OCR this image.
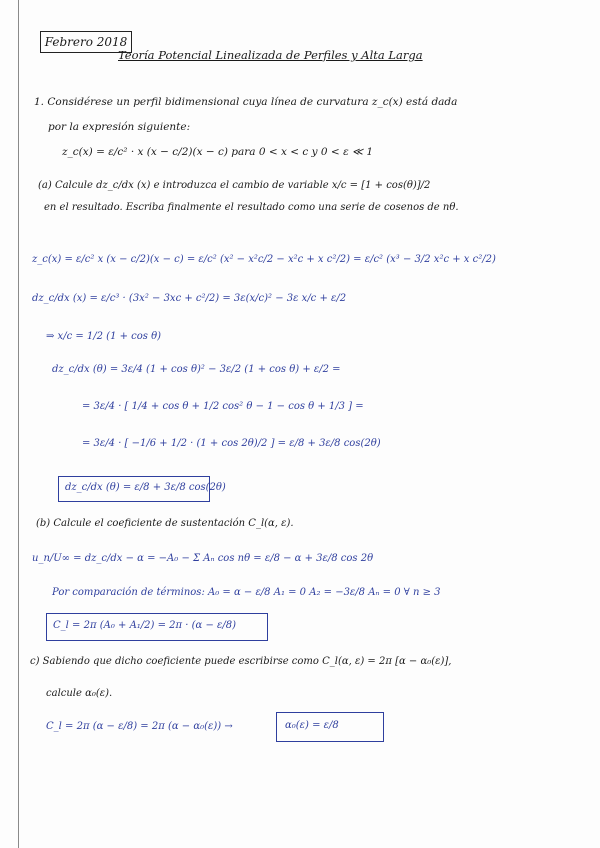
Febrero 2018
Teoría Potencial Linealizada de Perfiles y Alta Larga
1. Considérese un perfil bidimensional cuya línea de curvatura z_c(x) está dada
por la expresión siguiente:
z_c(x) = ε/c² · x (x − c/2)(x − c) para 0 < x < c y 0 < ε ≪ 1
(a) Calcule dz_c/dx (x) e introduzca el cambio de variable x/c = [1 + cos(θ)]/2
en el resultado. Escriba finalmente el resultado como una serie de cosenos de nθ.
z_c(x) = ε/c² x (x − c/2)(x − c) = ε/c² (x² − x²c/2 − x²c + x c²/2) = ε/c² (x³ − 3/2 x²c + x c²/2)
dz_c/dx (x) = ε/c³ · (3x² − 3xc + c²/2) = 3ε(x/c)² − 3ε x/c + ε/2
⇒ x/c = 1/2 (1 + cos θ)
dz_c/dx (θ) = 3ε/4 (1 + cos θ)² − 3ε/2 (1 + cos θ) + ε/2 =
= 3ε/4 · [ 1/4 + cos θ + 1/2 cos² θ − 1 − cos θ + 1/3 ] =
= 3ε/4 · [ −1/6 + 1/2 · (1 + cos 2θ)/2 ] = ε/8 + 3ε/8 cos(2θ)
dz_c/dx (θ) = ε/8 + 3ε/8 cos(2θ)
(b) Calcule el coeficiente de sustentación C_l(α, ε).
u_n/U∞ = dz_c/dx − α = −A₀ − Σ Aₙ cos nθ = ε/8 − α + 3ε/8 cos 2θ
Por comparación de términos: A₀ = α − ε/8 A₁ = 0 A₂ = −3ε/8 Aₙ = 0 ∀ n ≥ 3
C_l = 2π (A₀ + A₁/2) = 2π · (α − ε/8)
c) Sabiendo que dicho coeficiente puede escribirse como C_l(α, ε) = 2π [α − α₀(ε)],
calcule α₀(ε).
C_l = 2π (α − ε/8) = 2π (α − α₀(ε)) →	α₀(ε) = ε/8
